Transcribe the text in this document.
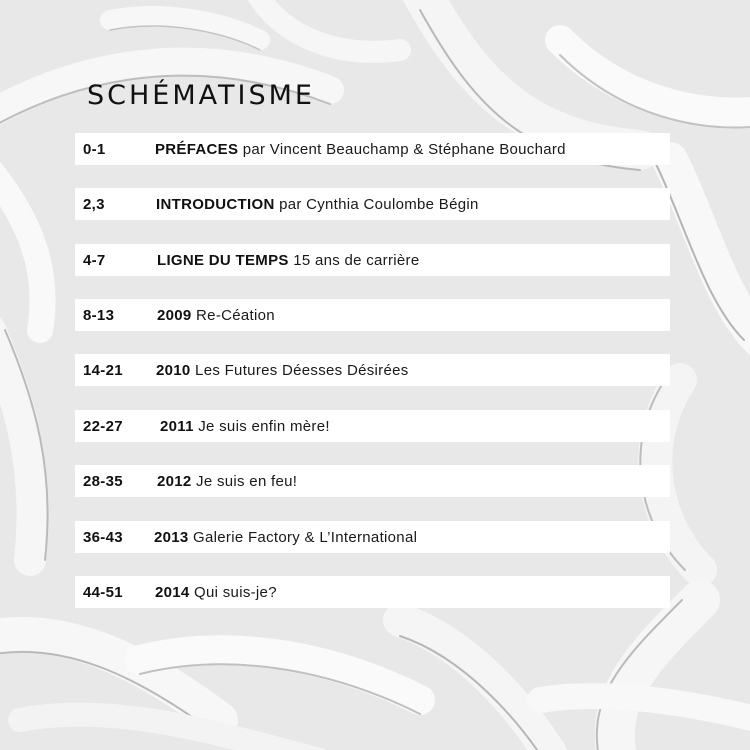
SCHÉMATISME
0-1	PRÉFACES par Vincent Beauchamp & Stéphane Bouchard
2,3	INTRODUCTION par Cynthia Coulombe Bégin
4-7	LIGNE DU TEMPS 15 ans de carrière
8-13	2009 Re-Céation
14-21 2010 Les Futures Déesses Désirées
22-27 2011 Je suis enfin mère!
28-35 2012 Je suis en feu!
36-43 2013 Galerie Factory & L’International
44-51 2014 Qui suis-je?
